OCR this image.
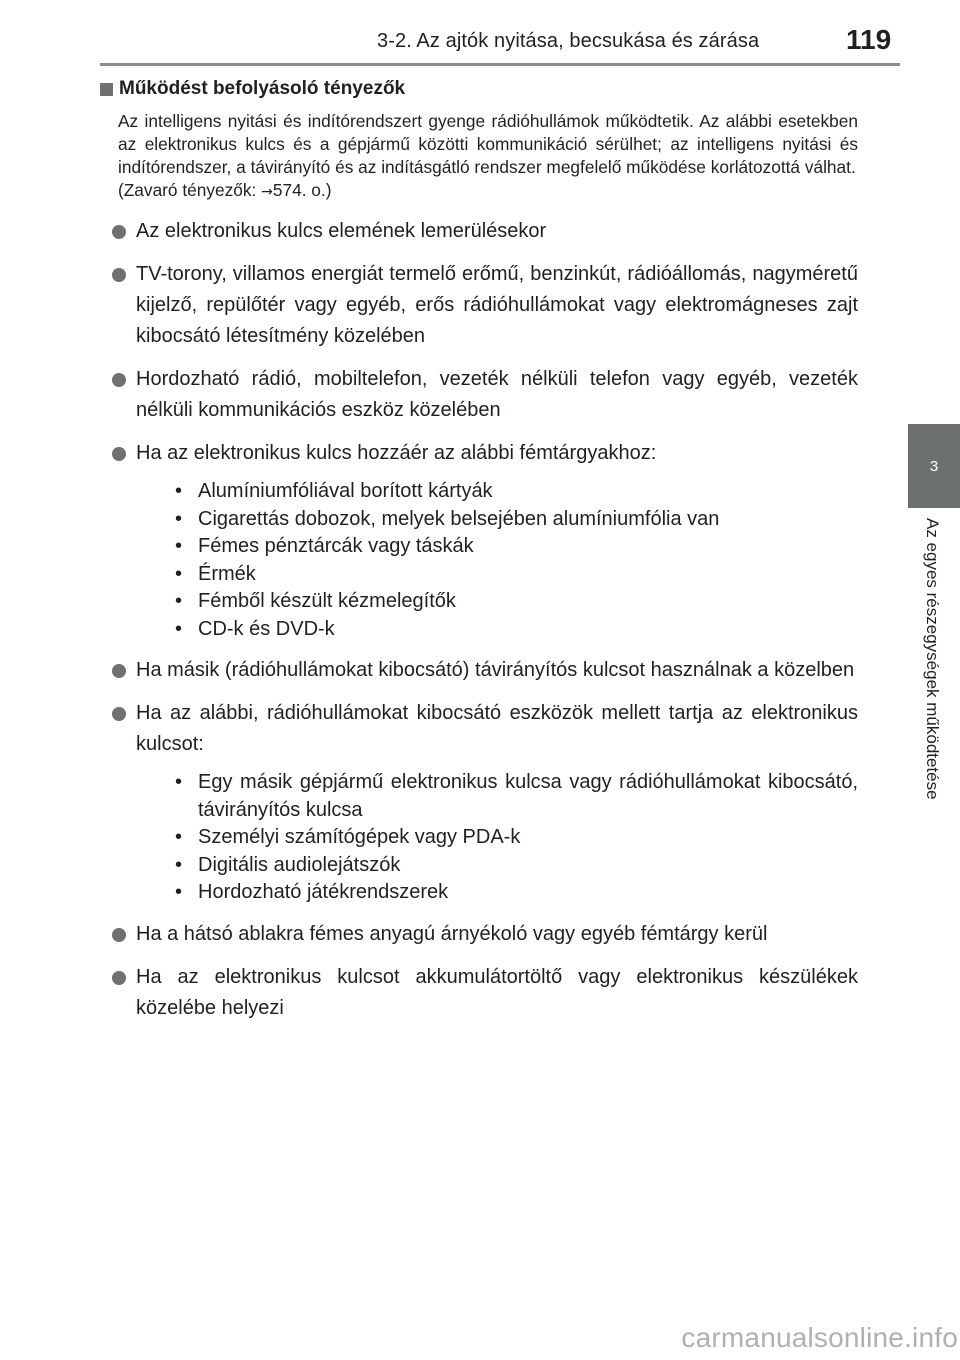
3-2. Az ajtók nyitása, becsukása és zárása	119
3
Az egyes részegységek működtetése
Működést befolyásoló tényezők

Az intelligens nyitási és indítórendszert gyenge rádióhullámok működtetik. Az alábbi esetekben az elektronikus kulcs és a gépjármű közötti kommunikáció sérülhet; az intelligens nyitási és indítórendszer, a távirányító és az indításgátló rendszer megfelelő működése korlátozottá válhat.

(Zavaró tényezők: →574. o.)

Az elektronikus kulcs elemének lemerülésekor
TV-torony, villamos energiát termelő erőmű, benzinkút, rádióállomás, nagyméretű kijelző, repülőtér vagy egyéb, erős rádióhullámokat vagy elektromágneses zajt kibocsátó létesítmény közelében
Hordozható rádió, mobiltelefon, vezeték nélküli telefon vagy egyéb, vezeték nélküli kommunikációs eszköz közelében
Ha az elektronikus kulcs hozzáér az alábbi fémtárgyakhoz:
• Alumíniumfóliával borított kártyák
• Cigarettás dobozok, melyek belsejében alumíniumfólia van
• Fémes pénztárcák vagy táskák
• Érmék
• Fémből készült kézmelegítők
• CD-k és DVD-k
Ha másik (rádióhullámokat kibocsátó) távirányítós kulcsot használnak a közelben
Ha az alábbi, rádióhullámokat kibocsátó eszközök mellett tartja az elektronikus kulcsot:
• Egy másik gépjármű elektronikus kulcsa vagy rádióhullámokat kibocsátó, távirányítós kulcsa
• Személyi számítógépek vagy PDA-k
• Digitális audiolejátszók
• Hordozható játékrendszerek
Ha a hátsó ablakra fémes anyagú árnyékoló vagy egyéb fémtárgy kerül
Ha az elektronikus kulcsot akkumulátortöltő vagy elektronikus készülékek közelébe helyezi
carmanualsonline.info
